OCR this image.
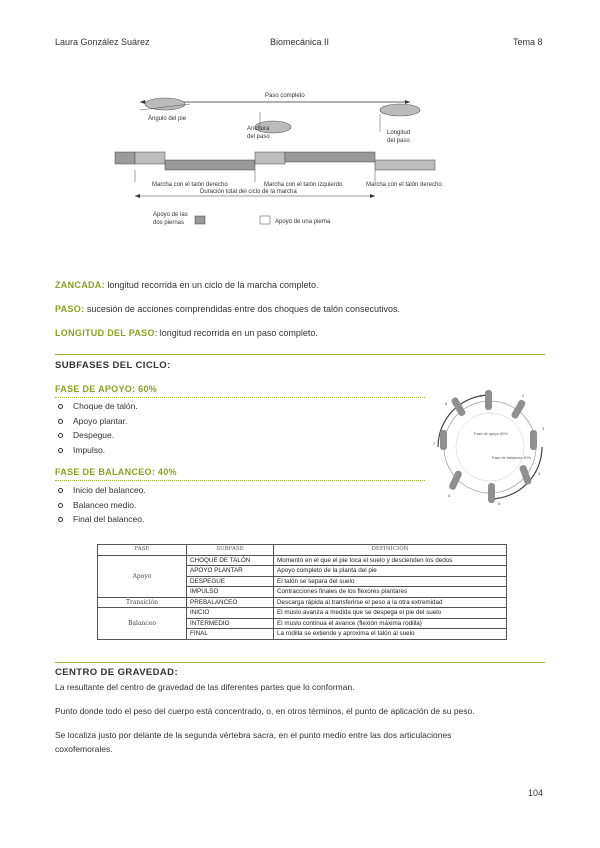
Laura González Suárez	Biomecánica II	Tema 8
Paso completo
Ángulo del pie
Anchura
del paso
Longitud
del paso
Marcha con el talón derecho	Marcha con el talón izquierdo	Marcha con el talón derecho
Duración total del ciclo de la marcha
Apoyo de las
dos piernas	Apoyo de una pierna
ZANCADA: longitud recorrida en un ciclo de la marcha completo.
PASO: sucesión de acciones comprendidas entre dos choques de talón consecutivos.
LONGITUD DEL PASO: longitud recorrida en un paso completo.
SUBFASES DEL CICLO:
FASE DE APOYO: 60%
Choque de talón.
Apoyo plantar.
Despegue.
Impulso.
FASE DE BALANCEO: 40%
Inicio del balanceo.
Balanceo medio.
Final del balanceo.
Fase de apoyo 60%
Fase de balanceo 40%
1	2
3
4
5
6
7
8
FASE	SUBFASE	DEFINICIÓN
Apoyo	CHOQUE DE TALÓN	Momento en el que el pie toca el suelo y descienden los dedos
	APOYO PLANTAR	Apoyo completo de la planta del pie
	DESPEGUE	El talón se separa del suelo
	IMPULSO	Contracciones finales de los flexores plantares
Transición	PREBALANCEO	Descarga rápida al transferirse el peso a la otra extremidad
Balanceo	INICIO	El muslo avanza a medida que se despega el pie del suelo
	INTERMEDIO	El muslo continua el avance (flexión máxima rodilla)
	FINAL	La rodilla se extiende y aproxima el talón al suelo
CENTRO DE GRAVEDAD:
La resultante del centro de gravedad de las diferentes partes que lo conforman.
Punto donde todo el peso del cuerpo está concentrado, o, en otros términos, el punto de aplicación de su peso.
Se localiza justo por delante de la segunda vértebra sacra, en el punto medio entre las dos articulaciones
coxofemorales.
104
